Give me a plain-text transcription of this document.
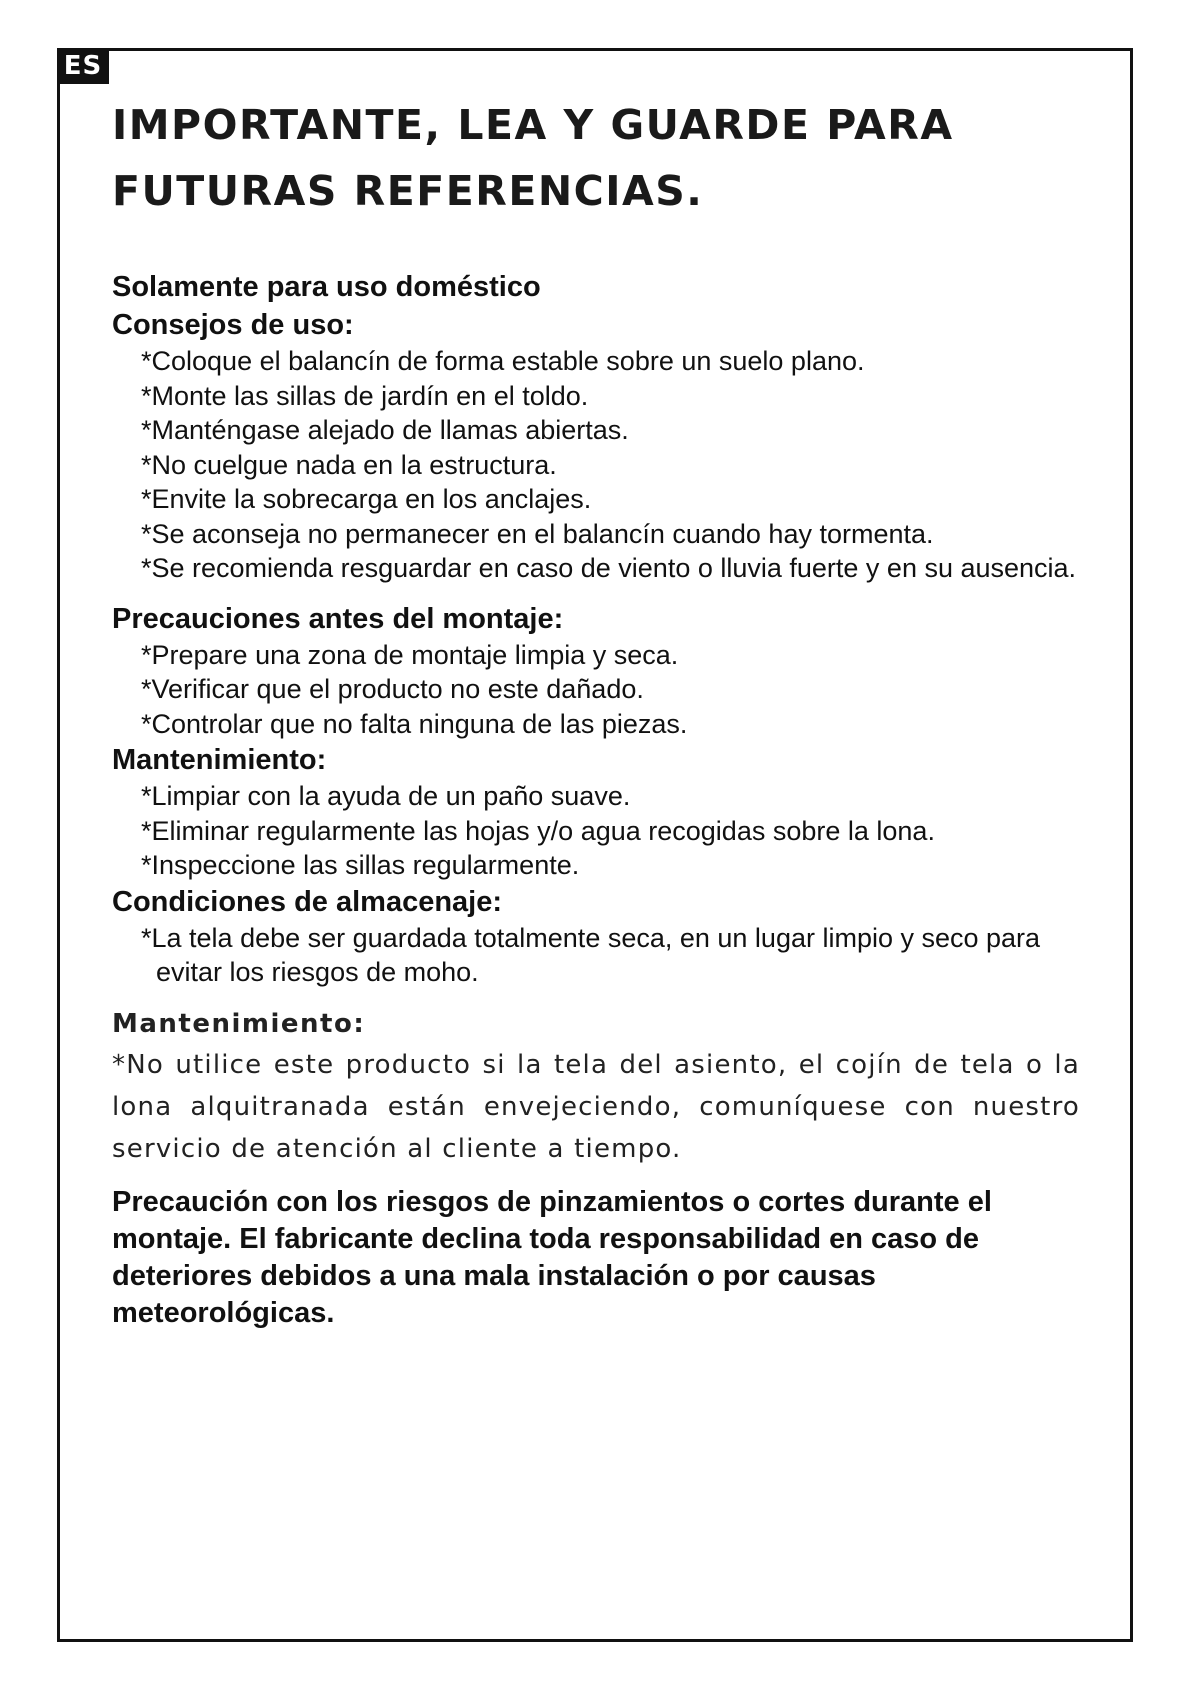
ES

IMPORTANTE, LEA Y GUARDE PARA

FUTURAS REFERENCIAS.

Solamente para uso doméstico

Consejos de uso:

*Coloque el balancín de forma estable sobre un suelo plano.
*Monte las sillas de jardín en el toldo.
*Manténgase alejado de llamas abiertas.
*No cuelgue nada en la estructura.
*Envite la sobrecarga en los anclajes.
*Se aconseja no permanecer en el balancín cuando hay tormenta.
*Se recomienda resguardar en caso de viento o lluvia fuerte y en su ausencia.

Precauciones antes del montaje:

*Prepare una zona de montaje limpia y seca.
*Verificar que el producto no este dañado.
*Controlar que no falta ninguna de las piezas.

Mantenimiento:

*Limpiar con la ayuda de un paño suave.
*Eliminar regularmente las hojas y/o agua recogidas sobre la lona.
*Inspeccione las sillas regularmente.

Condiciones de almacenaje:

*La tela debe ser guardada totalmente seca, en un lugar limpio y seco para evitar los riesgos de moho.

Mantenimiento:

*No utilice este producto si la tela del asiento, el cojín de tela o la lona alquitranada están envejeciendo, comuníquese con nuestro servicio de atención al cliente a tiempo.
Precaución con los riesgos de pinzamientos o cortes durante el montaje. El fabricante declina toda responsabilidad en caso de deteriores debidos a una mala instalación o por causas meteorológicas.
